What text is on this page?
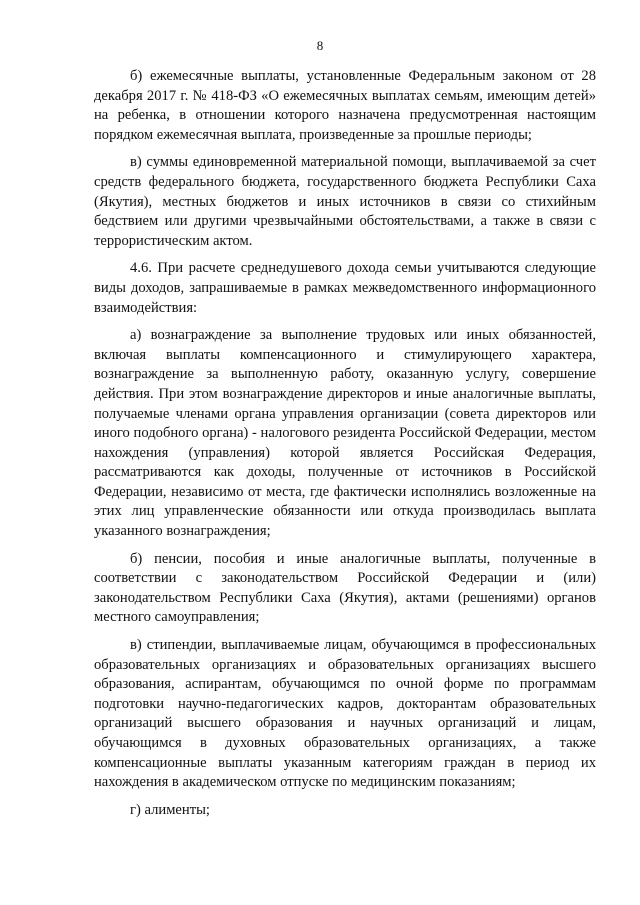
8

б) ежемесячные выплаты, установленные Федеральным законом от 28 декабря 2017 г. № 418-ФЗ «О ежемесячных выплатах семьям, имеющим детей» на ребенка, в отношении которого назначена предусмотренная настоящим порядком ежемесячная выплата, произведенные за прошлые периоды;

в) суммы единовременной материальной помощи, выплачиваемой за счет средств федерального бюджета, государственного бюджета Республики Саха (Якутия), местных бюджетов и иных источников в связи со стихийным бедствием или другими чрезвычайными обстоятельствами, а также в связи с террористическим актом.

4.6. При расчете среднедушевого дохода семьи учитываются следующие виды доходов, запрашиваемые в рамках межведомственного информационного взаимодействия:

а) вознаграждение за выполнение трудовых или иных обязанностей, включая выплаты компенсационного и стимулирующего характера, вознаграждение за выполненную работу, оказанную услугу, совершение действия. При этом вознаграждение директоров и иные аналогичные выплаты, получаемые членами органа управления организации (совета директоров или иного подобного органа) - налогового резидента Российской Федерации, местом нахождения (управления) которой является Российская Федерация, рассматриваются как доходы, полученные от источников в Российской Федерации, независимо от места, где фактически исполнялись возложенные на этих лиц управленческие обязанности или откуда производилась выплата указанного вознаграждения;

б) пенсии, пособия и иные аналогичные выплаты, полученные в соответствии с законодательством Российской Федерации и (или) законодательством Республики Саха (Якутия), актами (решениями) органов местного самоуправления;

в) стипендии, выплачиваемые лицам, обучающимся в профессиональных образовательных организациях и образовательных организациях высшего образования, аспирантам, обучающимся по очной форме по программам подготовки научно-педагогических кадров, докторантам образовательных организаций высшего образования и научных организаций и лицам, обучающимся в духовных образовательных организациях, а также компенсационные выплаты указанным категориям граждан в период их нахождения в академическом отпуске по медицинским показаниям;

г) алименты;
